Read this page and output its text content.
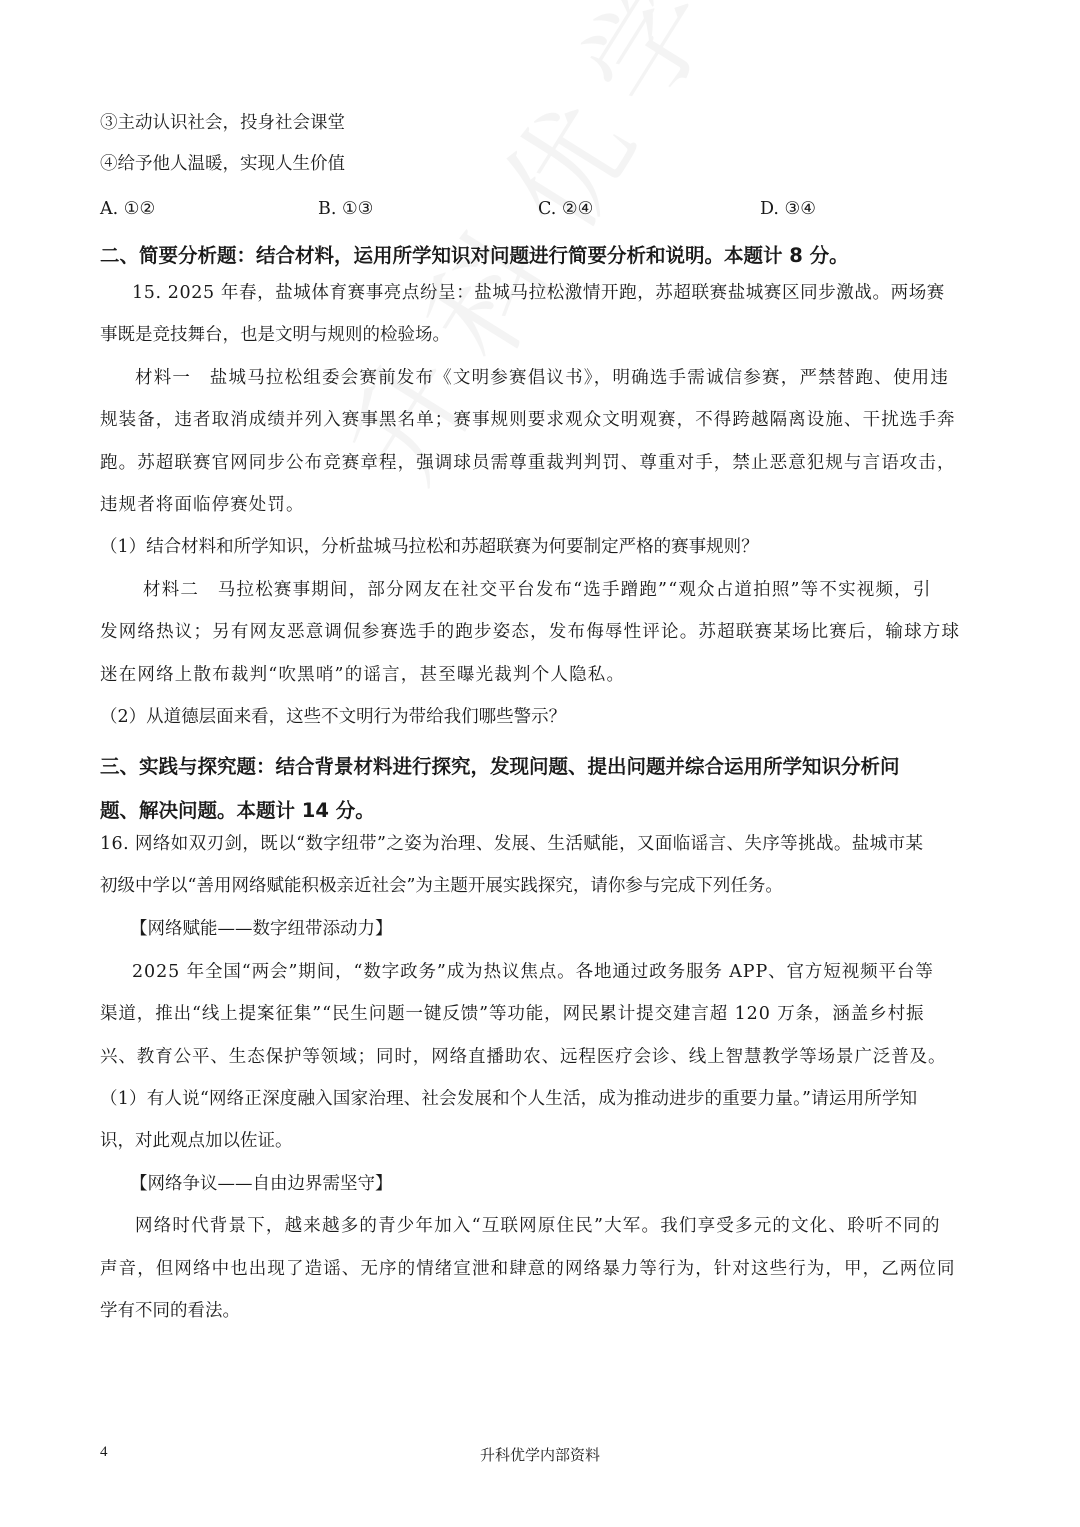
③主动认识社会，投身社会课堂
④给予他人温暖，实现人生价值
A. ①②	B. ①③	C. ②④	D. ③④
二、简要分析题：结合材料，运用所学知识对问题进行简要分析和说明。本题计 8 分。
15. 2025 年春，盐城体育赛事亮点纷呈：盐城马拉松激情开跑，苏超联赛盐城赛区同步激战。两场赛
事既是竞技舞台，也是文明与规则的检验场。
材料一　盐城马拉松组委会赛前发布《文明参赛倡议书》，明确选手需诚信参赛，严禁替跑、使用违
规装备，违者取消成绩并列入赛事黑名单；赛事规则要求观众文明观赛，不得跨越隔离设施、干扰选手奔
跑。苏超联赛官网同步公布竞赛章程，强调球员需尊重裁判判罚、尊重对手，禁止恶意犯规与言语攻击，
违规者将面临停赛处罚。
（1）结合材料和所学知识，分析盐城马拉松和苏超联赛为何要制定严格的赛事规则？
材料二　马拉松赛事期间，部分网友在社交平台发布“选手蹭跑”“观众占道拍照”等不实视频，引
发网络热议；另有网友恶意调侃参赛选手的跑步姿态，发布侮辱性评论。苏超联赛某场比赛后，输球方球
迷在网络上散布裁判“吹黑哨”的谣言，甚至曝光裁判个人隐私。
（2）从道德层面来看，这些不文明行为带给我们哪些警示？
三、实践与探究题：结合背景材料进行探究，发现问题、提出问题并综合运用所学知识分析问
题、解决问题。本题计 14 分。
16. 网络如双刃剑，既以“数字纽带”之姿为治理、发展、生活赋能，又面临谣言、失序等挑战。盐城市某
初级中学以“善用网络赋能积极亲近社会”为主题开展实践探究，请你参与完成下列任务。
【网络赋能——数字纽带添动力】
2025 年全国“两会”期间，“数字政务”成为热议焦点。各地通过政务服务 APP、官方短视频平台等
渠道，推出“线上提案征集”“民生问题一键反馈”等功能，网民累计提交建言超 120 万条，涵盖乡村振
兴、教育公平、生态保护等领域；同时，网络直播助农、远程医疗会诊、线上智慧教学等场景广泛普及。
（1）有人说“网络正深度融入国家治理、社会发展和个人生活，成为推动进步的重要力量。”请运用所学知
识，对此观点加以佐证。
【网络争议——自由边界需坚守】
网络时代背景下，越来越多的青少年加入“互联网原住民”大军。我们享受多元的文化、聆听不同的
声音，但网络中也出现了造谣、无序的情绪宣泄和肆意的网络暴力等行为，针对这些行为，甲，乙两位同
学有不同的看法。
4	升科优学内部资料
